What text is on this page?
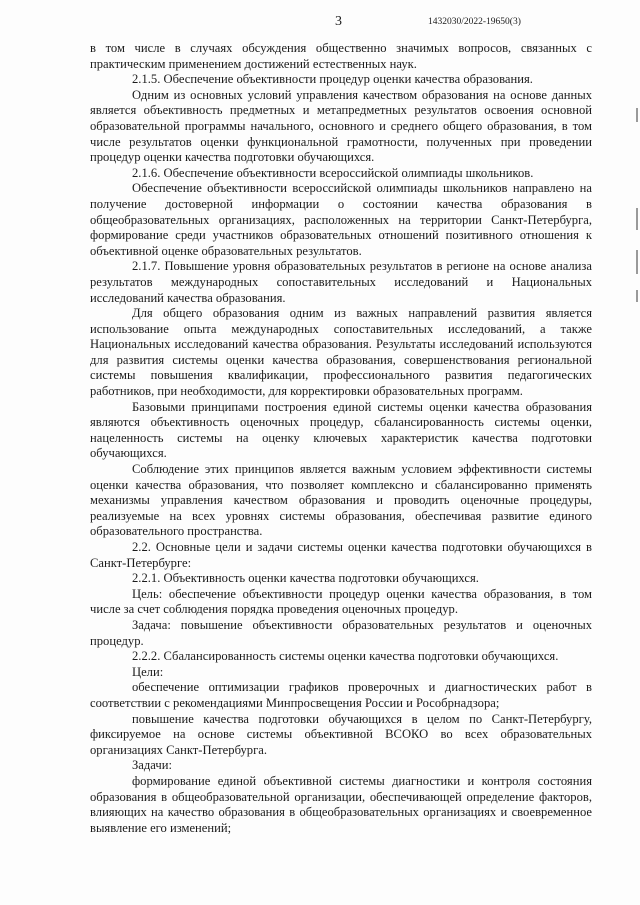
3	1432030/2022-19650(3)

в том числе в случаях обсуждения общественно значимых вопросов, связанных с практическим применением достижений естественных наук.

2.1.5. Обеспечение объективности процедур оценки качества образования.

Одним из основных условий управления качеством образования на основе данных является объективность предметных и метапредметных результатов освоения основной образовательной программы начального, основного и среднего общего образования, в том числе результатов оценки функциональной грамотности, полученных при проведении процедур оценки качества подготовки обучающихся.

2.1.6. Обеспечение объективности всероссийской олимпиады школьников.

Обеспечение объективности всероссийской олимпиады школьников направлено на получение достоверной информации о состоянии качества образования в общеобразовательных организациях, расположенных на территории Санкт-Петербурга, формирование среди участников образовательных отношений позитивного отношения к объективной оценке образовательных результатов.

2.1.7. Повышение уровня образовательных результатов в регионе на основе анализа результатов международных сопоставительных исследований и Национальных исследований качества образования.

Для общего образования одним из важных направлений развития является использование опыта международных сопоставительных исследований, а также Национальных исследований качества образования. Результаты исследований используются для развития системы оценки качества образования, совершенствования региональной системы повышения квалификации, профессионального развития педагогических работников, при необходимости, для корректировки образовательных программ.

Базовыми принципами построения единой системы оценки качества образования являются объективность оценочных процедур, сбалансированность системы оценки, нацеленность системы на оценку ключевых характеристик качества подготовки обучающихся.

Соблюдение этих принципов является важным условием эффективности системы оценки качества образования, что позволяет комплексно и сбалансированно применять механизмы управления качеством образования и проводить оценочные процедуры, реализуемые на всех уровнях системы образования, обеспечивая развитие единого образовательного пространства.

2.2. Основные цели и задачи системы оценки качества подготовки обучающихся в Санкт-Петербурге:

2.2.1. Объективность оценки качества подготовки обучающихся.

Цель: обеспечение объективности процедур оценки качества образования, в том числе за счет соблюдения порядка проведения оценочных процедур.

Задача: повышение объективности образовательных результатов и оценочных процедур.

2.2.2. Сбалансированность системы оценки качества подготовки обучающихся.

Цели:

обеспечение оптимизации графиков проверочных и диагностических работ в соответствии с рекомендациями Минпросвещения России и Рособрнадзора;

повышение качества подготовки обучающихся в целом по Санкт-Петербургу, фиксируемое на основе системы объективной ВСОКО во всех образовательных организациях Санкт-Петербурга.

Задачи:

формирование единой объективной системы диагностики и контроля состояния образования в общеобразовательной организации, обеспечивающей определение факторов, влияющих на качество образования в общеобразовательных организациях и своевременное выявление его изменений;
